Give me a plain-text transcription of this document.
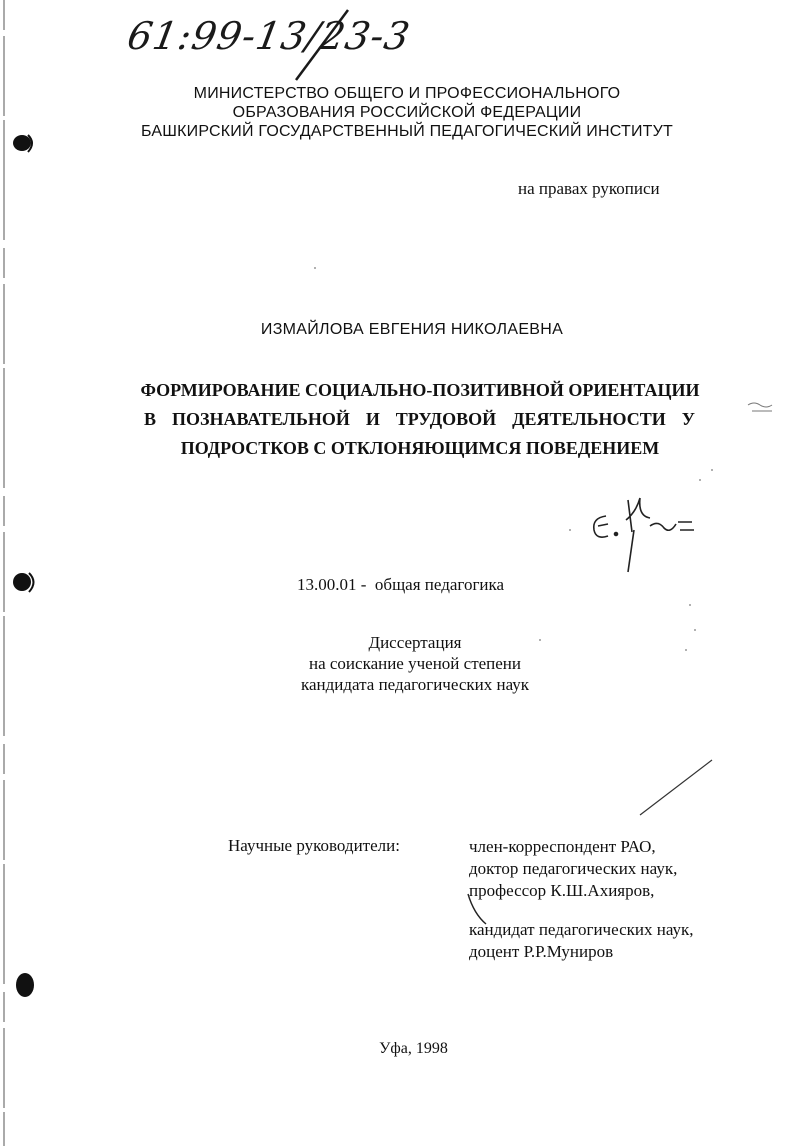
61:99-13/23-3
МИНИСТЕРСТВО ОБЩЕГО И ПРОФЕССИОНАЛЬНОГО
ОБРАЗОВАНИЯ РОССИЙСКОЙ ФЕДЕРАЦИИ
БАШКИРСКИЙ ГОСУДАРСТВЕННЫЙ ПЕДАГОГИЧЕСКИЙ ИНСТИТУТ
на правах рукописи
ИЗМАЙЛОВА ЕВГЕНИЯ НИКОЛАЕВНА
ФОРМИРОВАНИЕ СОЦИАЛЬНО-ПОЗИТИВНОЙ ОРИЕНТАЦИИ
В ПОЗНАВАТЕЛЬНОЙ И ТРУДОВОЙ ДЕЯТЕЛЬНОСТИ У
ПОДРОСТКОВ С ОТКЛОНЯЮЩИМСЯ ПОВЕДЕНИЕМ
13.00.01 -  общая педагогика
Диссертация
на соискание ученой степени
кандидата педагогических наук
Научные руководители:	член-корреспондент РАО,
доктор педагогических наук,
профессор К.Ш.Ахияров,
кандидат педагогических наук,
доцент Р.Р.Муниров
Уфа, 1998
